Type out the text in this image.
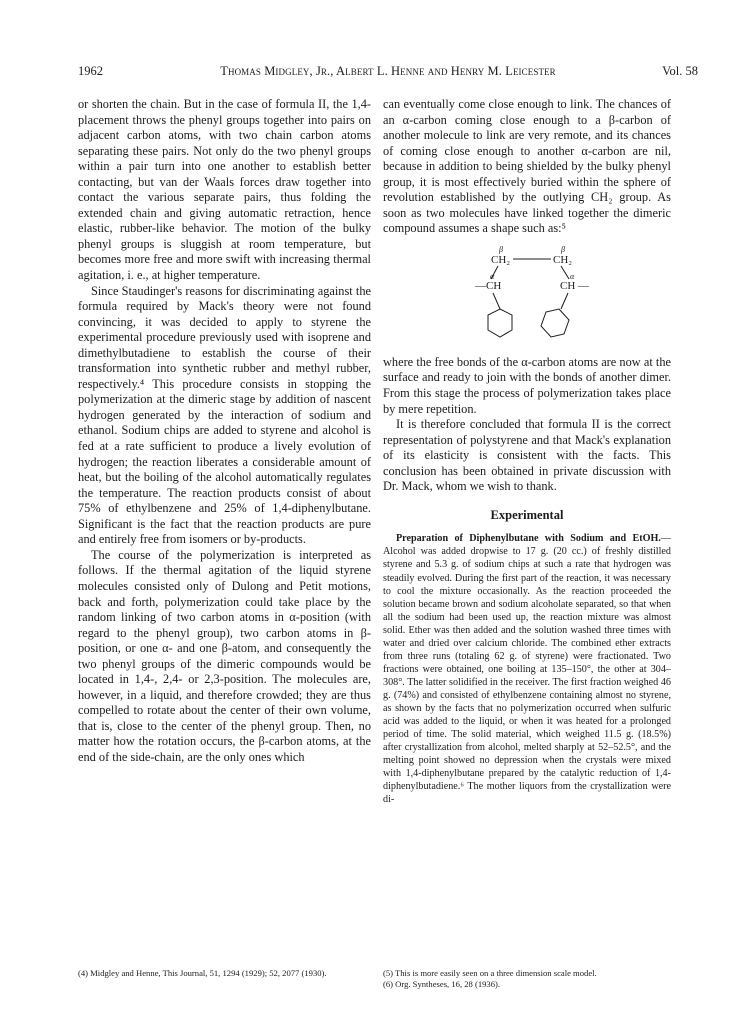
1962	Thomas Midgley, Jr., Albert L. Henne and Henry M. Leicester	Vol. 58

or shorten the chain. But in the case of formula II, the 1,4-placement throws the phenyl groups together into pairs on adjacent carbon atoms, with two chain carbon atoms separating these pairs. Not only do the two phenyl groups within a pair turn into one another to establish better contacting, but van der Waals forces draw together into contact the various separate pairs, thus folding the extended chain and giving automatic retraction, hence elastic, rubber-like behavior. The motion of the bulky phenyl groups is sluggish at room temperature, but becomes more free and more swift with increasing thermal agitation, i. e., at higher temperature.

Since Staudinger's reasons for discriminating against the formula required by Mack's theory were not found convincing, it was decided to apply to styrene the experimental procedure previously used with isoprene and dimethylbutadiene to establish the course of their transformation into synthetic rubber and methyl rubber, respectively.⁴ This procedure consists in stopping the polymerization at the dimeric stage by addition of nascent hydrogen generated by the interaction of sodium and ethanol. Sodium chips are added to styrene and alcohol is fed at a rate sufficient to produce a lively evolution of hydrogen; the reaction liberates a considerable amount of heat, but the boiling of the alcohol automatically regulates the temperature. The reaction products consist of about 75% of ethylbenzene and 25% of 1,4-diphenylbutane. Significant is the fact that the reaction products are pure and entirely free from isomers or by-products.

The course of the polymerization is interpreted as follows. If the thermal agitation of the liquid styrene molecules consisted only of Dulong and Petit motions, back and forth, polymerization could take place by the random linking of two carbon atoms in α-position (with regard to the phenyl group), two carbon atoms in β-position, or one α- and one β-atom, and consequently the two phenyl groups of the dimeric compounds would be located in 1,4-, 2,4- or 2,3-position. The molecules are, however, in a liquid, and therefore crowded; they are thus compelled to rotate about the center of their own volume, that is, close to the center of the phenyl group. Then, no matter how the rotation occurs, the β-carbon atoms, at the end of the side-chain, are the only ones which

can eventually come close enough to link. The chances of an α-carbon coming close enough to a β-carbon of another molecule to link are very remote, and its chances of coming close enough to another α-carbon are nil, because in addition to being shielded by the bulky phenyl group, it is most effectively buried within the sphere of revolution established by the outlying CH₂ group. As soon as two molecules have linked together the dimeric compound assumes a shape such as:⁵

β	β
CH₂	CH₂
α	α
— CH	CH —

where the free bonds of the α-carbon atoms are now at the surface and ready to join with the bonds of another dimer. From this stage the process of polymerization takes place by mere repetition.

It is therefore concluded that formula II is the correct representation of polystyrene and that Mack's explanation of its elasticity is consistent with the facts. This conclusion has been obtained in private discussion with Dr. Mack, whom we wish to thank.

Experimental

Preparation of Diphenylbutane with Sodium and EtOH.—Alcohol was added dropwise to 17 g. (20 cc.) of freshly distilled styrene and 5.3 g. of sodium chips at such a rate that hydrogen was steadily evolved. During the first part of the reaction, it was necessary to cool the mixture occasionally. As the reaction proceeded the solution became brown and sodium alcoholate separated, so that when all the sodium had been used up, the reaction mixture was almost solid. Ether was then added and the solution washed three times with water and dried over calcium chloride. The combined ether extracts from three runs (totaling 62 g. of styrene) were fractionated. Two fractions were obtained, one boiling at 135–150°, the other at 304–308°. The latter solidified in the receiver. The first fraction weighed 46 g. (74%) and consisted of ethylbenzene containing almost no styrene, as shown by the facts that no polymerization occurred when sulfuric acid was added to the liquid, or when it was heated for a prolonged period of time. The solid material, which weighed 11.5 g. (18.5%) after crystallization from alcohol, melted sharply at 52–52.5°, and the melting point showed no depression when the crystals were mixed with 1,4-diphenylbutane prepared by the catalytic reduction of 1,4-diphenylbutadiene.⁶ The mother liquors from the crystallization were di-

(4) Midgley and Henne, This Journal, 51, 1294 (1929); 52, 2077 (1930).	(5) This is more easily seen on a three dimension scale model.

(6) Org. Syntheses, 16, 28 (1936).
